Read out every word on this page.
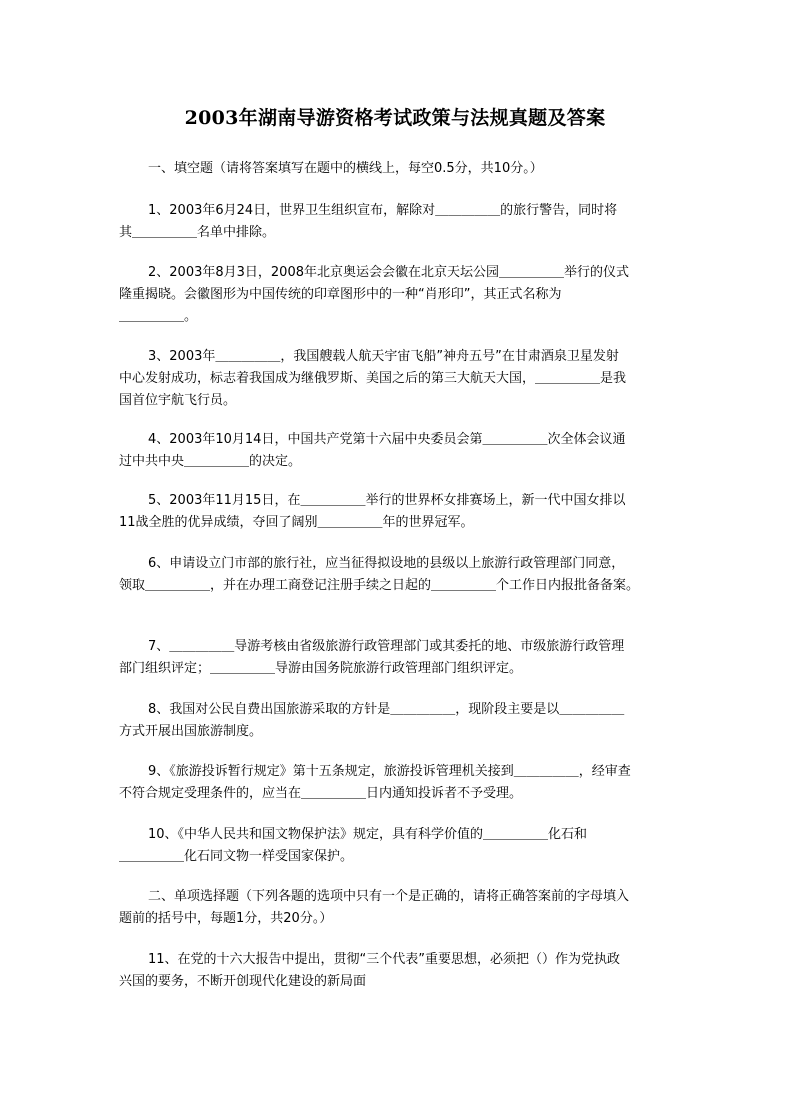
2003年湖南导游资格考试政策与法规真题及答案

一、填空题（请将答案填写在题中的横线上，每空0.5分，共10分。）

1、2003年6月24日，世界卫生组织宣布，解除对＿＿＿＿＿的旅行警告，同时将
其＿＿＿＿＿名单中排除。

2、2003年8月3日，2008年北京奥运会会徽在北京天坛公园＿＿＿＿＿举行的仪式
隆重揭晓。会徽图形为中国传统的印章图形中的一种“肖形印”，其正式名称为
＿＿＿＿＿。

3、2003年＿＿＿＿＿，我国艘载人航天宇宙飞船”神舟五号”在甘肃酒泉卫星发射
中心发射成功，标志着我国成为继俄罗斯、美国之后的第三大航天大国，＿＿＿＿＿是我
国首位宇航飞行员。

4、2003年10月14日，中国共产党第十六届中央委员会第＿＿＿＿＿次全体会议通
过中共中央＿＿＿＿＿的决定。

5、2003年11月15日，在＿＿＿＿＿举行的世界杯女排赛场上，新一代中国女排以
11战全胜的优异成绩，夺回了阔别＿＿＿＿＿年的世界冠军。

6、申请设立门市部的旅行社，应当征得拟设地的县级以上旅游行政管理部门同意，
领取＿＿＿＿＿，并在办理工商登记注册手续之日起的＿＿＿＿＿个工作日内报批备备案。

7、＿＿＿＿＿导游考核由省级旅游行政管理部门或其委托的地、市级旅游行政管理
部门组织评定；＿＿＿＿＿导游由国务院旅游行政管理部门组织评定。

8、我国对公民自费出国旅游采取的方针是＿＿＿＿＿，现阶段主要是以＿＿＿＿＿
方式开展出国旅游制度。

9、《旅游投诉暂行规定》第十五条规定，旅游投诉管理机关接到＿＿＿＿＿，经审查
不符合规定受理条件的，应当在＿＿＿＿＿日内通知投诉者不予受理。

10、《中华人民共和国文物保护法》规定，具有科学价值的＿＿＿＿＿化石和
＿＿＿＿＿化石同文物一样受国家保护。

二、单项选择题（下列各题的选项中只有一个是正确的，请将正确答案前的字母填入
题前的括号中，每题1分，共20分。）

11、在党的十六大报告中提出，贯彻“三个代表”重要思想，必须把（）作为党执政
兴国的要务，不断开创现代化建设的新局面
